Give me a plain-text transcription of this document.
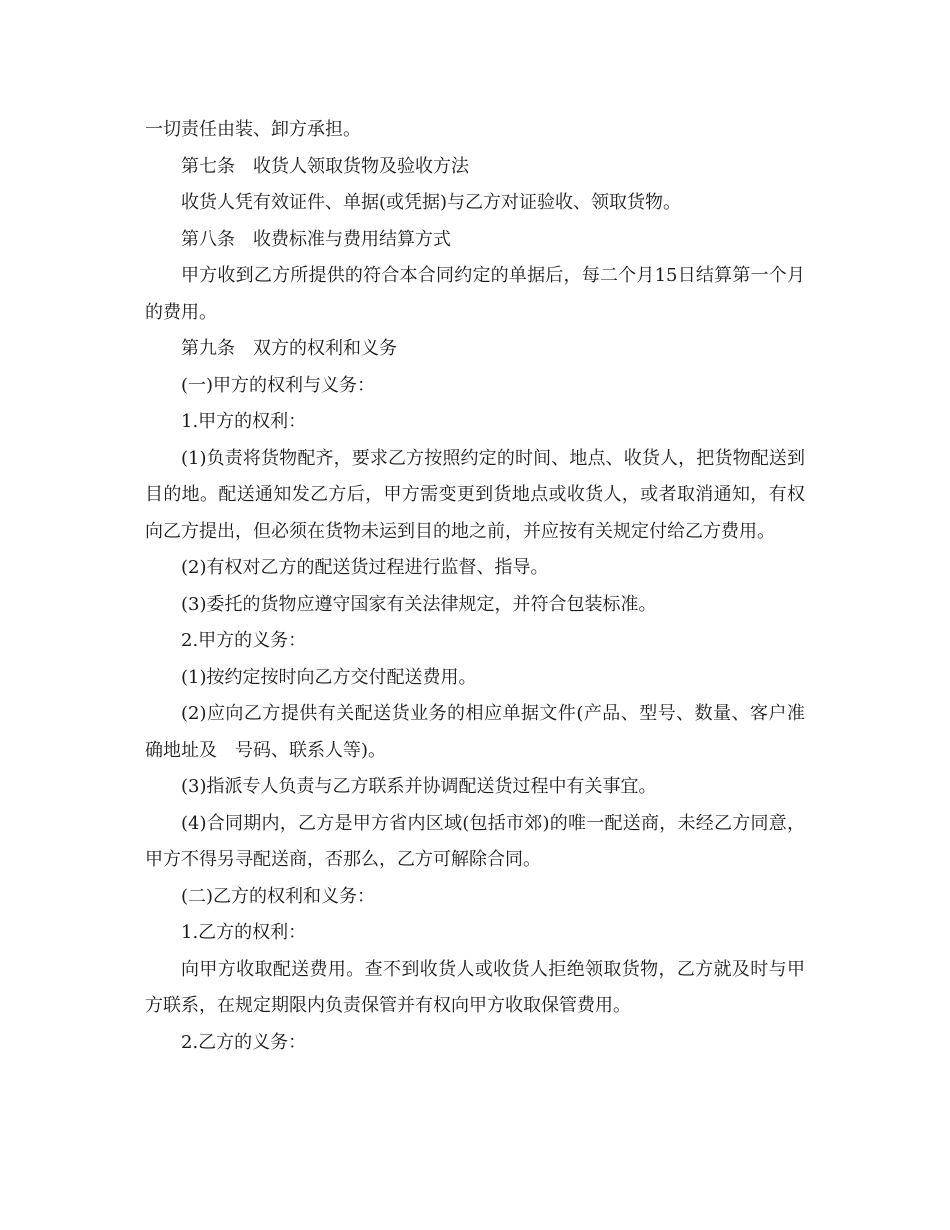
一切责任由装、卸方承担。

第七条　收货人领取货物及验收方法

收货人凭有效证件、单据(或凭据)与乙方对证验收、领取货物。

第八条　收费标准与费用结算方式

甲方收到乙方所提供的符合本合同约定的单据后，每二个月15日结算第一个月的费用。

第九条　双方的权利和义务

(一)甲方的权利与义务：

1.甲方的权利：

(1)负责将货物配齐，要求乙方按照约定的时间、地点、收货人，把货物配送到目的地。配送通知发乙方后，甲方需变更到货地点或收货人，或者取消通知，有权向乙方提出，但必须在货物未运到目的地之前，并应按有关规定付给乙方费用。

(2)有权对乙方的配送货过程进行监督、指导。

(3)委托的货物应遵守国家有关法律规定，并符合包装标准。

2.甲方的义务：

(1)按约定按时向乙方交付配送费用。

(2)应向乙方提供有关配送货业务的相应单据文件(产品、型号、数量、客户准确地址及　号码、联系人等)。

(3)指派专人负责与乙方联系并协调配送货过程中有关事宜。

(4)合同期内，乙方是甲方省内区域(包括市郊)的唯一配送商，未经乙方同意，甲方不得另寻配送商，否那么，乙方可解除合同。

(二)乙方的权利和义务：

1.乙方的权利：

向甲方收取配送费用。查不到收货人或收货人拒绝领取货物，乙方就及时与甲方联系，在规定期限内负责保管并有权向甲方收取保管费用。

2.乙方的义务：
